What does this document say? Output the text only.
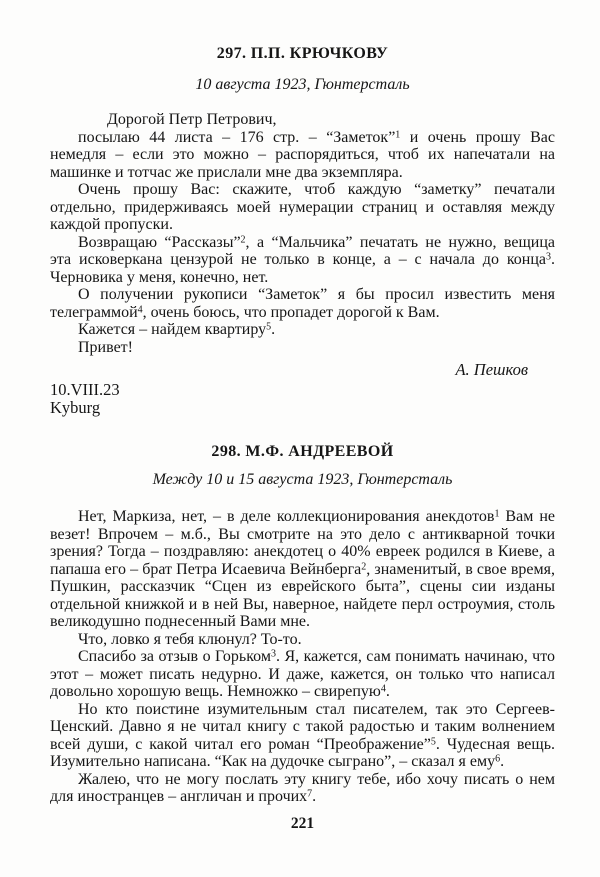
297. П.П. КРЮЧКОВУ
10 августа 1923, Гюнтерсталь

Дорогой Петр Петрович,

посылаю 44 листа – 176 стр. – “Заметок”$^1$ и очень прошу Вас немедля – если это можно – распорядиться, чтоб их напечатали на машинке и тотчас же прислали мне два экземпляра.

Очень прошу Вас: скажите, чтоб каждую “заметку” печатали отдельно, придерживаясь моей нумерации страниц и оставляя между каждой пропуски.

Возвращаю “Рассказы”$^2$, а “Мальчика” печатать не нужно, вещица эта исковеркана цензурой не только в конце, а – с начала до конца$^3$. Черновика у меня, конечно, нет.

О получении рукописи “Заметок” я бы просил известить меня телеграммой$^4$, очень боюсь, что пропадет дорогой к Вам.

Кажется – найдем квартиру$^5$.

Привет!

А. Пешков
10.VIII.23
Kyburg
298. М.Ф. АНДРЕЕВОЙ
Между 10 и 15 августа 1923, Гюнтерсталь

Нет, Маркиза, нет, – в деле коллекционирования анекдотов$^1$ Вам не везет! Впрочем – м.б., Вы смотрите на это дело с антикварной точки зрения? Тогда – поздравляю: анекдотец о 40% евреек родился в Киеве, а папаша его – брат Петра Исаевича Вейнберга$^2$, знаменитый, в свое время, Пушкин, рассказчик “Сцен из еврейского быта”, сцены сии изданы отдельной книжкой и в ней Вы, наверное, найдете перл остроумия, столь великодушно поднесенный Вами мне.

Что, ловко я тебя клюнул? То-то.

Спасибо за отзыв о Горьком$^3$. Я, кажется, сам понимать начинаю, что этот – может писать недурно. И даже, кажется, он только что написал довольно хорошую вещь. Немножко – свирепую$^4$.

Но кто поистине изумительным стал писателем, так это Сергеев-Ценский. Давно я не читал книгу с такой радостью и таким волнением всей души, с какой читал его роман “Преображение”$^5$. Чудесная вещь. Изумительно написана. “Как на дудочке сыграно”, – сказал я ему$^6$.

Жалею, что не могу послать эту книгу тебе, ибо хочу писать о нем для иностранцев – англичан и прочих$^7$.

221
